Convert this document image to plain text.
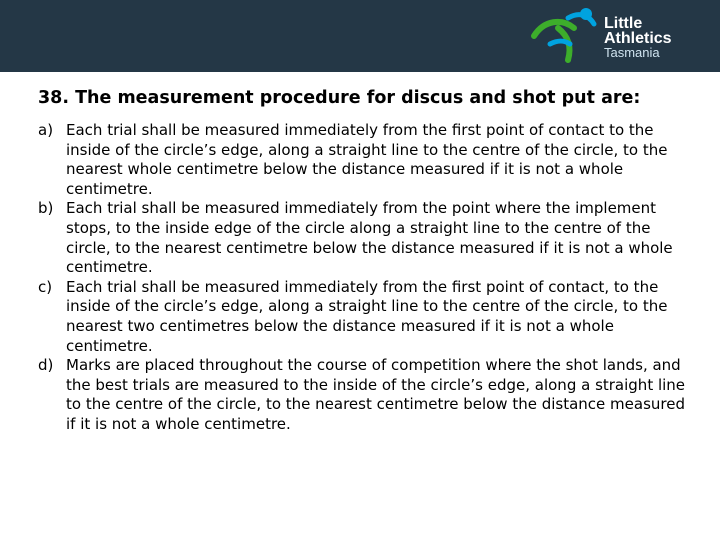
Little
Athletics
Tasmania
38. The measurement procedure for discus and shot put are:
a) Each trial shall be measured immediately from the first point of contact to the inside of the circle’s edge, along a straight line to the centre of the circle, to the nearest whole centimetre below the distance measured if it is not a whole centimetre.
b) Each trial shall be measured immediately from the point where the implement stops, to the inside edge of the circle along a straight line to the centre of the circle, to the nearest centimetre below the distance measured if it is not a whole centimetre.
c) Each trial shall be measured immediately from the first point of contact, to the inside of the circle’s edge, along a straight line to the centre of the circle, to the nearest two centimetres below the distance measured if it is not a whole centimetre.
d) Marks are placed throughout the course of competition where the shot lands, and the best trials are measured to the inside of the circle’s edge, along a straight line to the centre of the circle, to the nearest centimetre below the distance measured if it is not a whole centimetre.
